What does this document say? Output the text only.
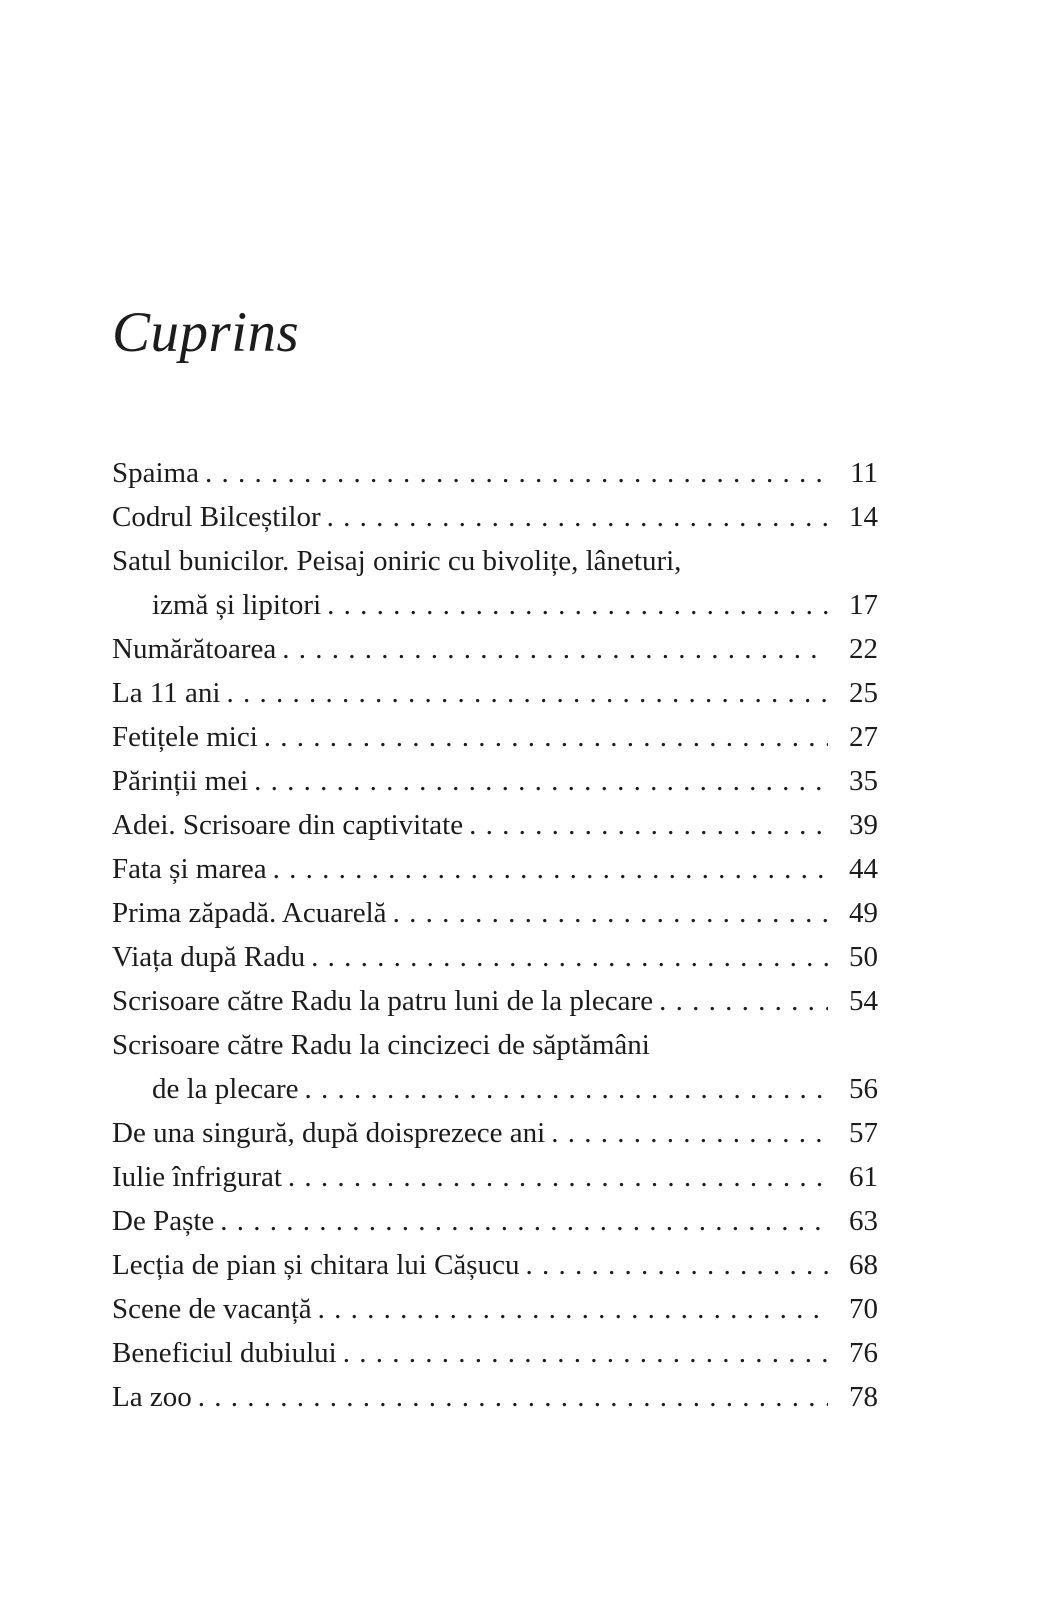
Cuprins
Spaima . . .	11
Codrul Bilceștilor . . .	14
Satul bunicilor. Peisaj oniric cu bivolițe, lâneturi,
izmă și lipitori . . .	17
Numărătoarea . . .	22
La 11 ani . . .	25
Fetițele mici . . .	27
Părinții mei . . .	35
Adei. Scrisoare din captivitate . . .	39
Fata și marea . . .	44
Prima zăpadă. Acuarelă . . .	49
Viața după Radu . . .	50
Scrisoare către Radu la patru luni de la plecare . . .	54
Scrisoare către Radu la cincizeci de săptămâni
de la plecare . . .	56
De una singură, după doisprezece ani . . .	57
Iulie înfrigurat . . .	61
De Paște . . .	63
Lecția de pian și chitara lui Cășucu . . .	68
Scene de vacanță . . .	70
Beneficiul dubiului . . .	76
La zoo . . .	78
